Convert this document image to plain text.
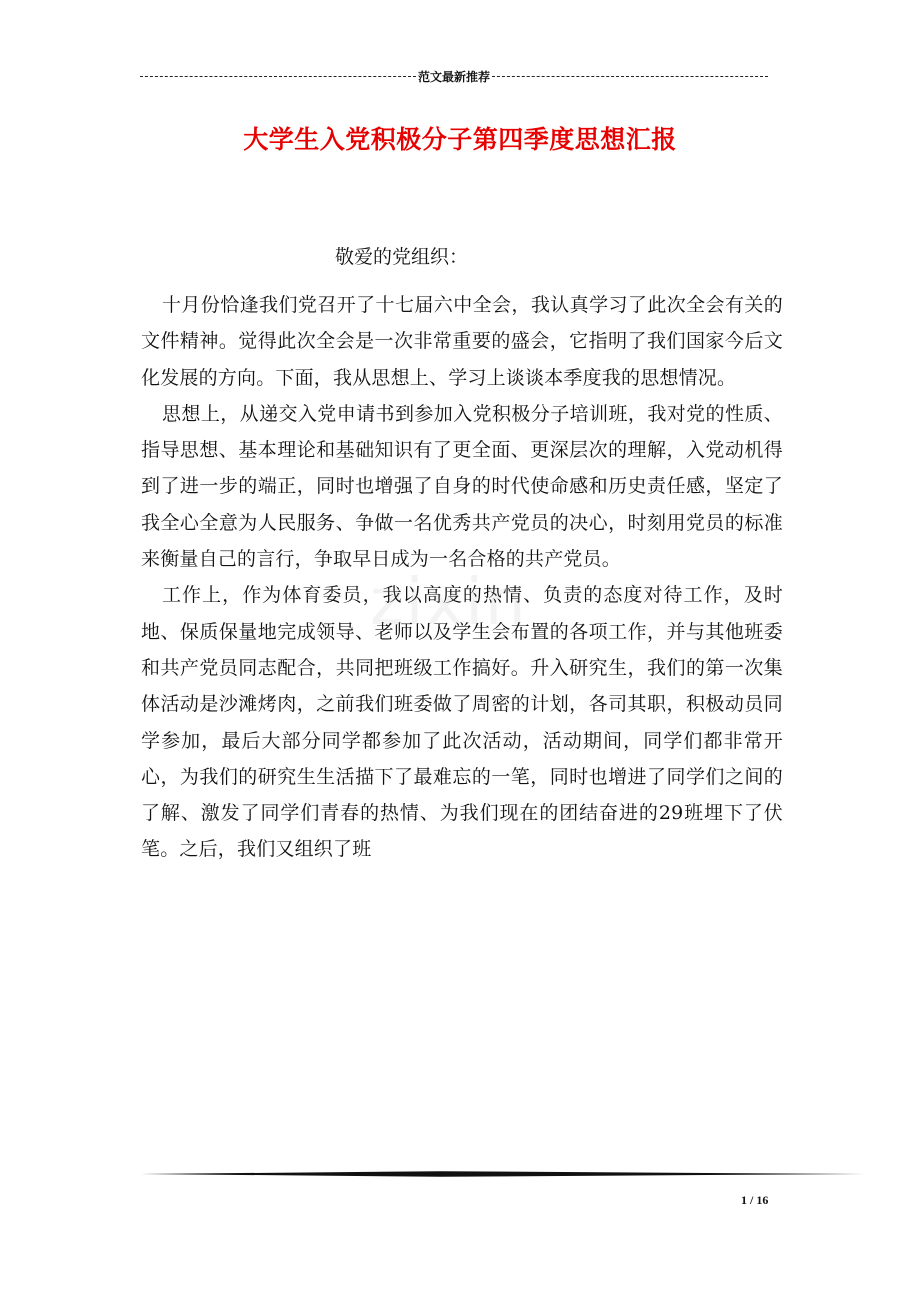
范文最新推荐
大学生入党积极分子第四季度思想汇报
敬爱的党组织：

十月份恰逢我们党召开了十七届六中全会，我认真学习了此次全会有关的文件精神。觉得此次全会是一次非常重要的盛会，它指明了我们国家今后文化发展的方向。下面，我从思想上、学习上谈谈本季度我的思想情况。

思想上，从递交入党申请书到参加入党积极分子培训班，我对党的性质、指导思想、基本理论和基础知识有了更全面、更深层次的理解，入党动机得到了进一步的端正，同时也增强了自身的时代使命感和历史责任感，坚定了我全心全意为人民服务、争做一名优秀共产党员的决心，时刻用党员的标准来衡量自己的言行，争取早日成为一名合格的共产党员。

工作上，作为体育委员，我以高度的热情、负责的态度对待工作，及时地、保质保量地完成领导、老师以及学生会布置的各项工作，并与其他班委和共产党员同志配合，共同把班级工作搞好。升入研究生，我们的第一次集体活动是沙滩烤肉，之前我们班委做了周密的计划，各司其职，积极动员同学参加，最后大部分同学都参加了此次活动，活动期间，同学们都非常开心，为我们的研究生生活描下了最难忘的一笔，同时也增进了同学们之间的了解、激发了同学们青春的热情、为我们现在的团结奋进的29班埋下了伏笔。之后，我们又组织了班

zixin
1 / 16
